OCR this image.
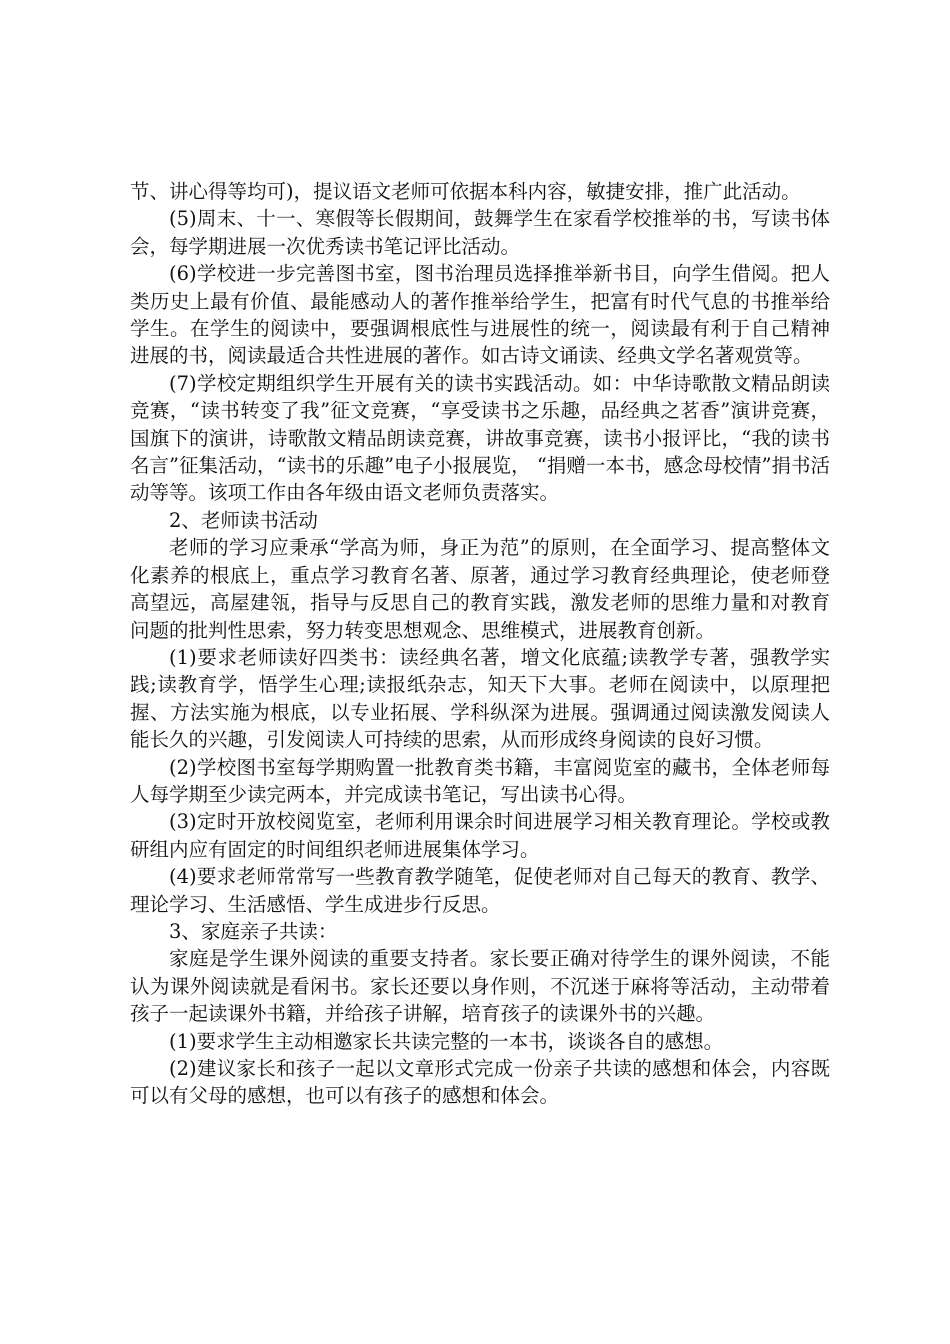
节、讲心得等均可)，提议语文老师可依据本科内容，敏捷安排，推广此活动。

(5)周末、十一、寒假等长假期间，鼓舞学生在家看学校推举的书，写读书体会，每学期进展一次优秀读书笔记评比活动。

(6)学校进一步完善图书室，图书治理员选择推举新书目，向学生借阅。把人类历史上最有价值、最能感动人的著作推举给学生，把富有时代气息的书推举给学生。在学生的阅读中，要强调根底性与进展性的统一，阅读最有利于自己精神进展的书，阅读最适合共性进展的著作。如古诗文诵读、经典文学名著观赏等。

(7)学校定期组织学生开展有关的读书实践活动。如：中华诗歌散文精品朗读竞赛，“读书转变了我”征文竞赛，“享受读书之乐趣，品经典之茗香”演讲竞赛，国旗下的演讲，诗歌散文精品朗读竞赛，讲故事竞赛，读书小报评比，“我的读书名言”征集活动，“读书的乐趣”电子小报展览， “捐赠一本书，感念母校情”捐书活动等等。该项工作由各年级由语文老师负责落实。

2、老师读书活动

老师的学习应秉承“学高为师，身正为范”的原则，在全面学习、提高整体文化素养的根底上，重点学习教育名著、原著，通过学习教育经典理论，使老师登高望远，高屋建瓴，指导与反思自己的教育实践，激发老师的思维力量和对教育问题的批判性思索，努力转变思想观念、思维模式，进展教育创新。

(1)要求老师读好四类书：读经典名著，增文化底蕴;读教学专著，强教学实践;读教育学，悟学生心理;读报纸杂志，知天下大事。老师在阅读中，以原理把握、方法实施为根底，以专业拓展、学科纵深为进展。强调通过阅读激发阅读人能长久的兴趣，引发阅读人可持续的思索，从而形成终身阅读的良好习惯。

(2)学校图书室每学期购置一批教育类书籍，丰富阅览室的藏书，全体老师每人每学期至少读完两本，并完成读书笔记，写出读书心得。

(3)定时开放校阅览室，老师利用课余时间进展学习相关教育理论。学校或教研组内应有固定的时间组织老师进展集体学习。

(4)要求老师常常写一些教育教学随笔，促使老师对自己每天的教育、教学、理论学习、生活感悟、学生成进步行反思。

3、家庭亲子共读：

家庭是学生课外阅读的重要支持者。家长要正确对待学生的课外阅读，不能认为课外阅读就是看闲书。家长还要以身作则，不沉迷于麻将等活动，主动带着孩子一起读课外书籍，并给孩子讲解，培育孩子的读课外书的兴趣。

(1)要求学生主动相邀家长共读完整的一本书，谈谈各自的感想。

(2)建议家长和孩子一起以文章形式完成一份亲子共读的感想和体会，内容既可以有父母的感想，也可以有孩子的感想和体会。
